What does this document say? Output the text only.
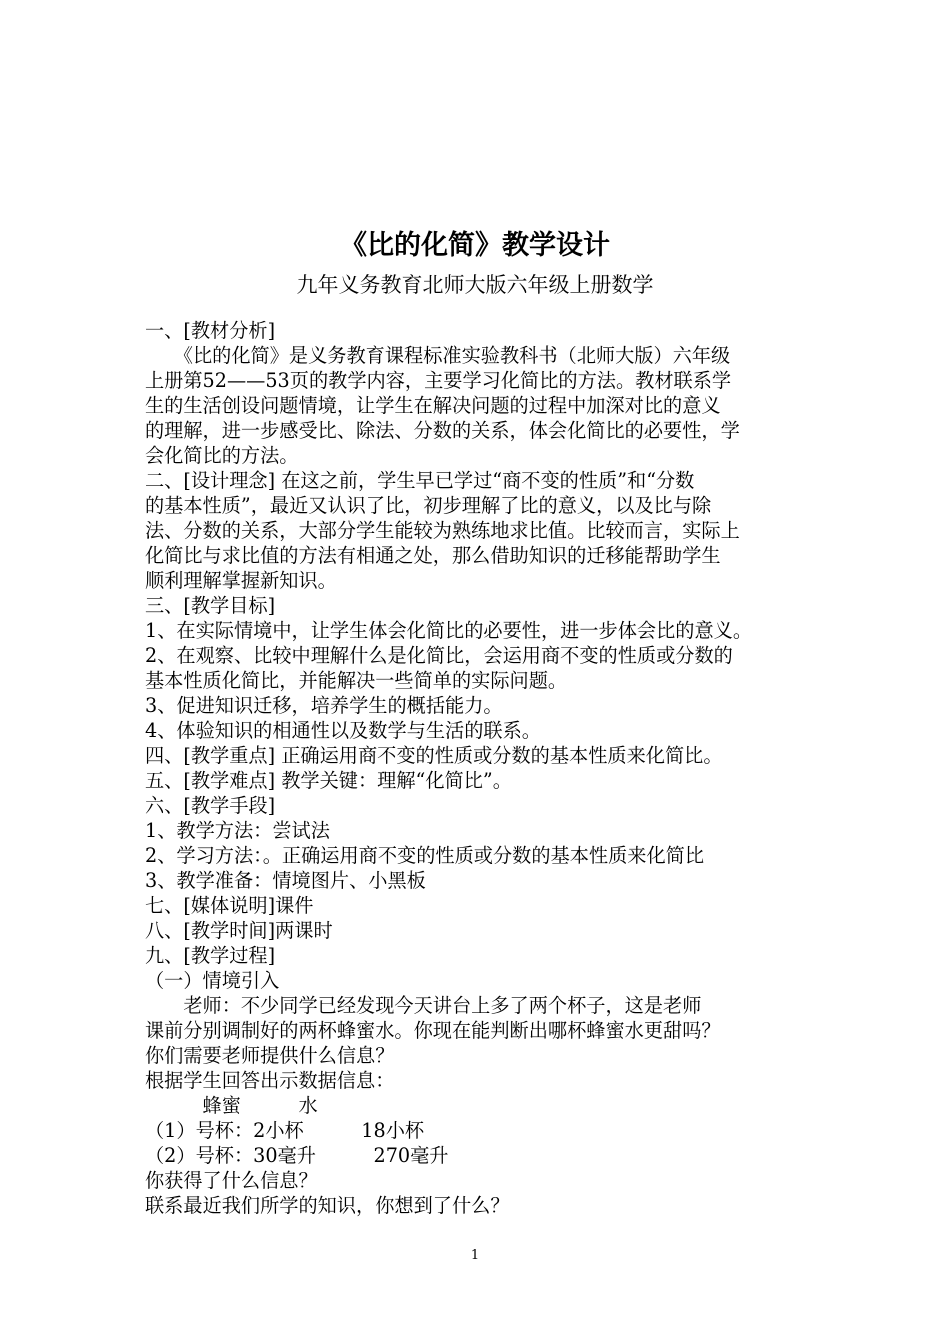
《比的化简》教学设计
九年义务教育北师大版六年级上册数学
一、[教材分析]
　　《比的化简》是义务教育课程标准实验教科书（北师大版）六年级
上册第52——53页的教学内容，主要学习化简比的方法。教材联系学
生的生活创设问题情境，让学生在解决问题的过程中加深对比的意义
的理解，进一步感受比、除法、分数的关系，体会化简比的必要性，学
会化简比的方法。
二、[设计理念] 在这之前，学生早已学过“商不变的性质”和“分数
的基本性质”，最近又认识了比，初步理解了比的意义，以及比与除
法、分数的关系，大部分学生能较为熟练地求比值。比较而言，实际上
化简比与求比值的方法有相通之处，那么借助知识的迁移能帮助学生
顺利理解掌握新知识。
三、[教学目标]
1、在实际情境中，让学生体会化简比的必要性，进一步体会比的意义。
2、在观察、比较中理解什么是化简比，会运用商不变的性质或分数的
基本性质化简比，并能解决一些简单的实际问题。
3、促进知识迁移，培养学生的概括能力。
4、体验知识的相通性以及数学与生活的联系。
四、[教学重点] 正确运用商不变的性质或分数的基本性质来化简比。
五、[教学难点] 教学关键：理解“化简比”。
六、[教学手段]
1、教学方法：尝试法
2、学习方法：。正确运用商不变的性质或分数的基本性质来化简比
3、教学准备：情境图片、小黑板
七、[媒体说明]课件
八、[教学时间]两课时
九、[教学过程]
（一）情境引入
　　老师：不少同学已经发现今天讲台上多了两个杯子，这是老师
课前分别调制好的两杯蜂蜜水。你现在能判断出哪杯蜂蜜水更甜吗？
你们需要老师提供什么信息？
根据学生回答出示数据信息：
　　　蜂蜜　　　水
（1）号杯：2小杯　　　18小杯
（2）号杯：30毫升　　　270毫升
你获得了什么信息？
联系最近我们所学的知识，你想到了什么？
1
